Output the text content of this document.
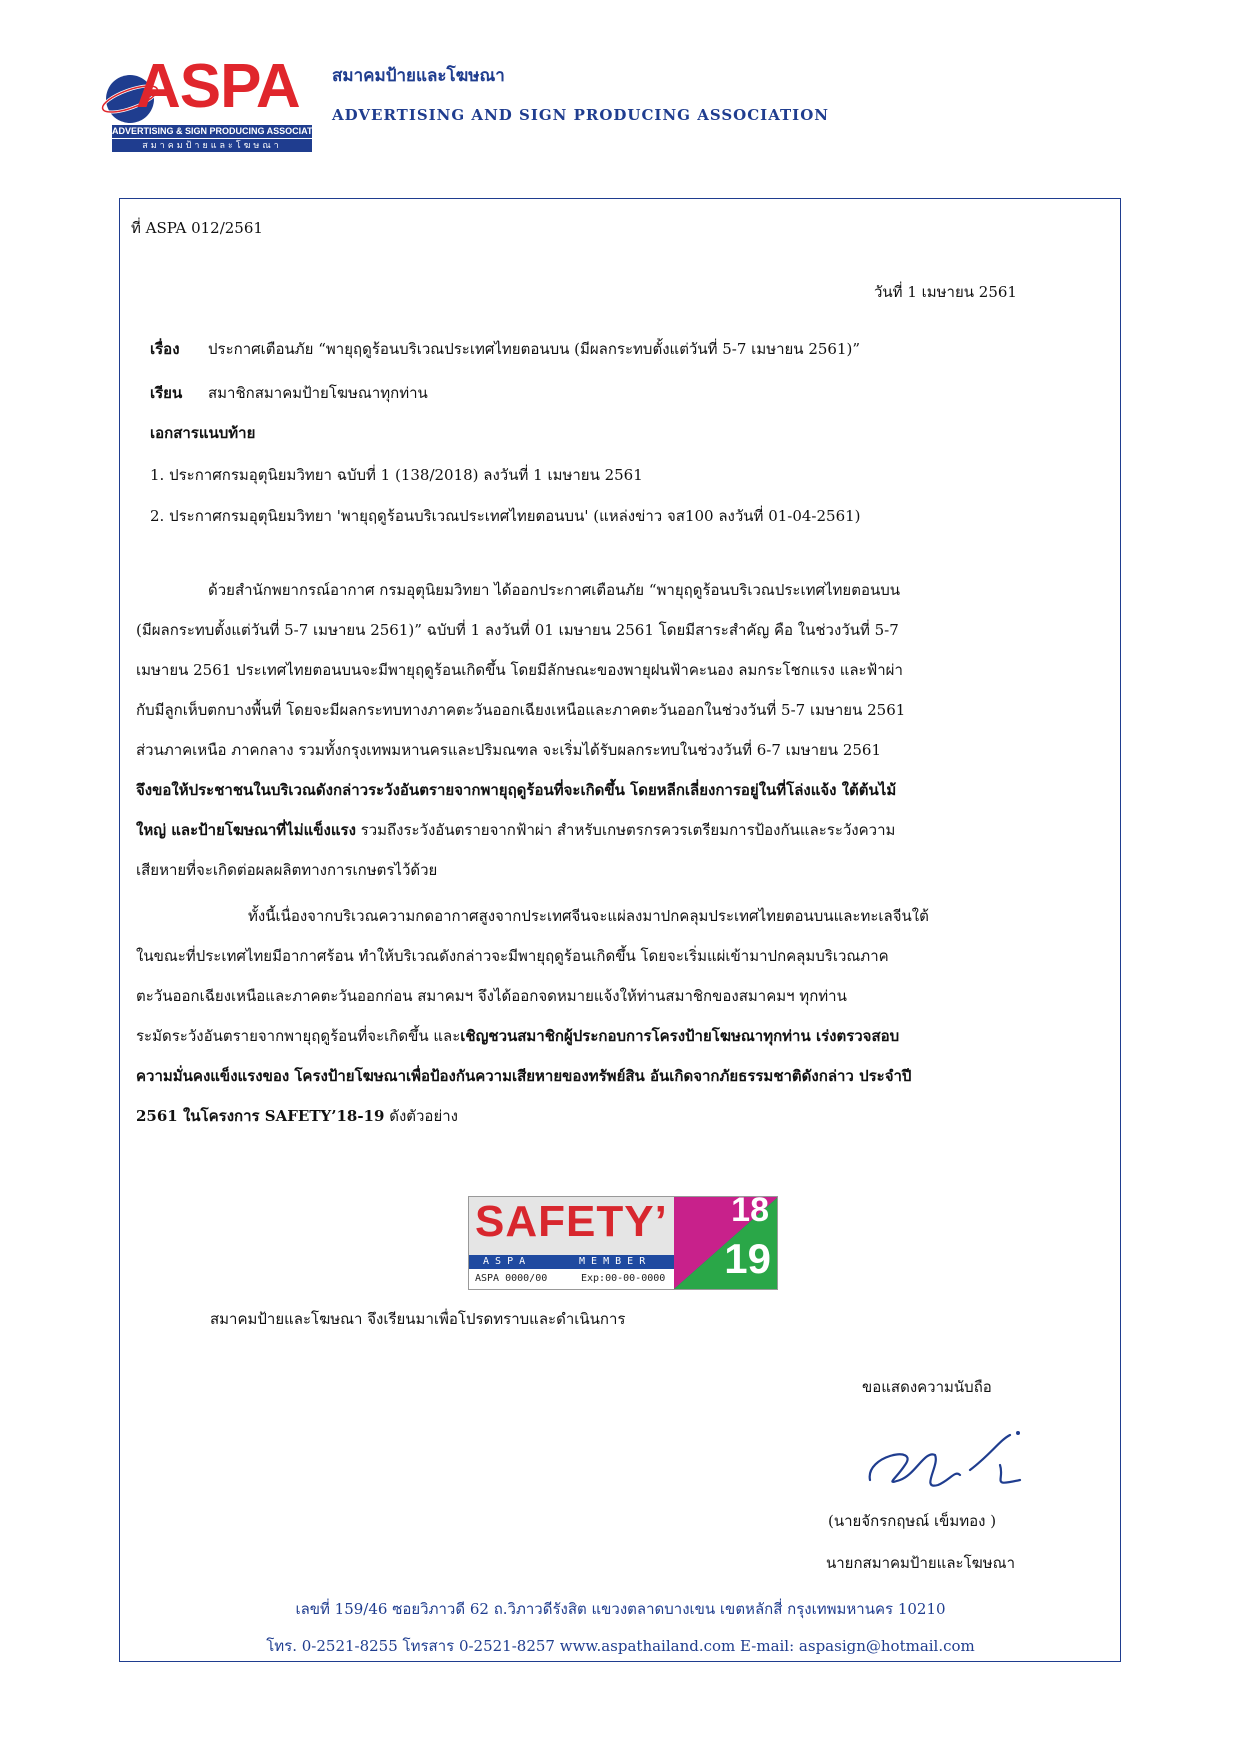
ASPA
ADVERTISING & SIGN PRODUCING ASSOCIATION
สมาคมป้ายและโฆษณา
สมาคมป้ายและโฆษณา
ADVERTISING AND SIGN PRODUCING ASSOCIATION
ที่ ASPA 012/2561
วันที่ 1 เมษายน 2561
เรื่อง ประกาศเตือนภัย “พายุฤดูร้อนบริเวณประเทศไทยตอนบน (มีผลกระทบตั้งแต่วันที่ 5-7 เมษายน 2561)”
เรียน สมาชิกสมาคมป้ายโฆษณาทุกท่าน
เอกสารแนบท้าย
1. ประกาศกรมอุตุนิยมวิทยา ฉบับที่ 1 (138/2018) ลงวันที่ 1 เมษายน 2561
2. ประกาศกรมอุตุนิยมวิทยา 'พายุฤดูร้อนบริเวณประเทศไทยตอนบน' (แหล่งข่าว จส100 ลงวันที่ 01-04-2561)
ด้วยสำนักพยากรณ์อากาศ กรมอุตุนิยมวิทยา ได้ออกประกาศเตือนภัย “พายุฤดูร้อนบริเวณประเทศไทยตอนบน
(มีผลกระทบตั้งแต่วันที่ 5-7 เมษายน 2561)” ฉบับที่ 1 ลงวันที่ 01 เมษายน 2561 โดยมีสาระสำคัญ คือ ในช่วงวันที่ 5-7
เมษายน 2561 ประเทศไทยตอนบนจะมีพายุฤดูร้อนเกิดขึ้น โดยมีลักษณะของพายุฝนฟ้าคะนอง ลมกระโชกแรง และฟ้าผ่า
กับมีลูกเห็บตกบางพื้นที่ โดยจะมีผลกระทบทางภาคตะวันออกเฉียงเหนือและภาคตะวันออกในช่วงวันที่ 5-7 เมษายน 2561
ส่วนภาคเหนือ ภาคกลาง รวมทั้งกรุงเทพมหานครและปริมณฑล จะเริ่มได้รับผลกระทบในช่วงวันที่ 6-7 เมษายน 2561
จึงขอให้ประชาชนในบริเวณดังกล่าวระวังอันตรายจากพายุฤดูร้อนที่จะเกิดขึ้น โดยหลีกเลี่ยงการอยู่ในที่โล่งแจ้ง ใต้ต้นไม้
ใหญ่ และป้ายโฆษณาที่ไม่แข็งแรง รวมถึงระวังอันตรายจากฟ้าผ่า สำหรับเกษตรกรควรเตรียมการป้องกันและระวังความ
เสียหายที่จะเกิดต่อผลผลิตทางการเกษตรไว้ด้วย
ทั้งนี้เนื่องจากบริเวณความกดอากาศสูงจากประเทศจีนจะแผ่ลงมาปกคลุมประเทศไทยตอนบนและทะเลจีนใต้
ในขณะที่ประเทศไทยมีอากาศร้อน ทำให้บริเวณดังกล่าวจะมีพายุฤดูร้อนเกิดขึ้น โดยจะเริ่มแผ่เข้ามาปกคลุมบริเวณภาค
ตะวันออกเฉียงเหนือและภาคตะวันออกก่อน สมาคมฯ จึงได้ออกจดหมายแจ้งให้ท่านสมาชิกของสมาคมฯ ทุกท่าน
ระมัดระวังอันตรายจากพายุฤดูร้อนที่จะเกิดขึ้น และเชิญชวนสมาชิกผู้ประกอบการโครงป้ายโฆษณาทุกท่าน เร่งตรวจสอบ
ความมั่นคงแข็งแรงของ โครงป้ายโฆษณาเพื่อป้องกันความเสียหายของทรัพย์สิน อันเกิดจากภัยธรรมชาติดังกล่าว ประจำปี
2561 ในโครงการ SAFETY’18-19 ดังตัวอย่าง
SAFETY’
A S P A	M E M B E R
ASPA 0000/00	Exp:00-00-0000
18
19
สมาคมป้ายและโฆษณา จึงเรียนมาเพื่อโปรดทราบและดำเนินการ
ขอแสดงความนับถือ
(นายจักรกฤษณ์ เข็มทอง )
นายกสมาคมป้ายและโฆษณา
เลขที่ 159/46 ซอยวิภาวดี 62 ถ.วิภาวดีรังสิต แขวงตลาดบางเขน เขตหลักสี่ กรุงเทพมหานคร 10210
โทร. 0-2521-8255 โทรสาร 0-2521-8257 www.aspathailand.com E-mail: aspasign@hotmail.com
